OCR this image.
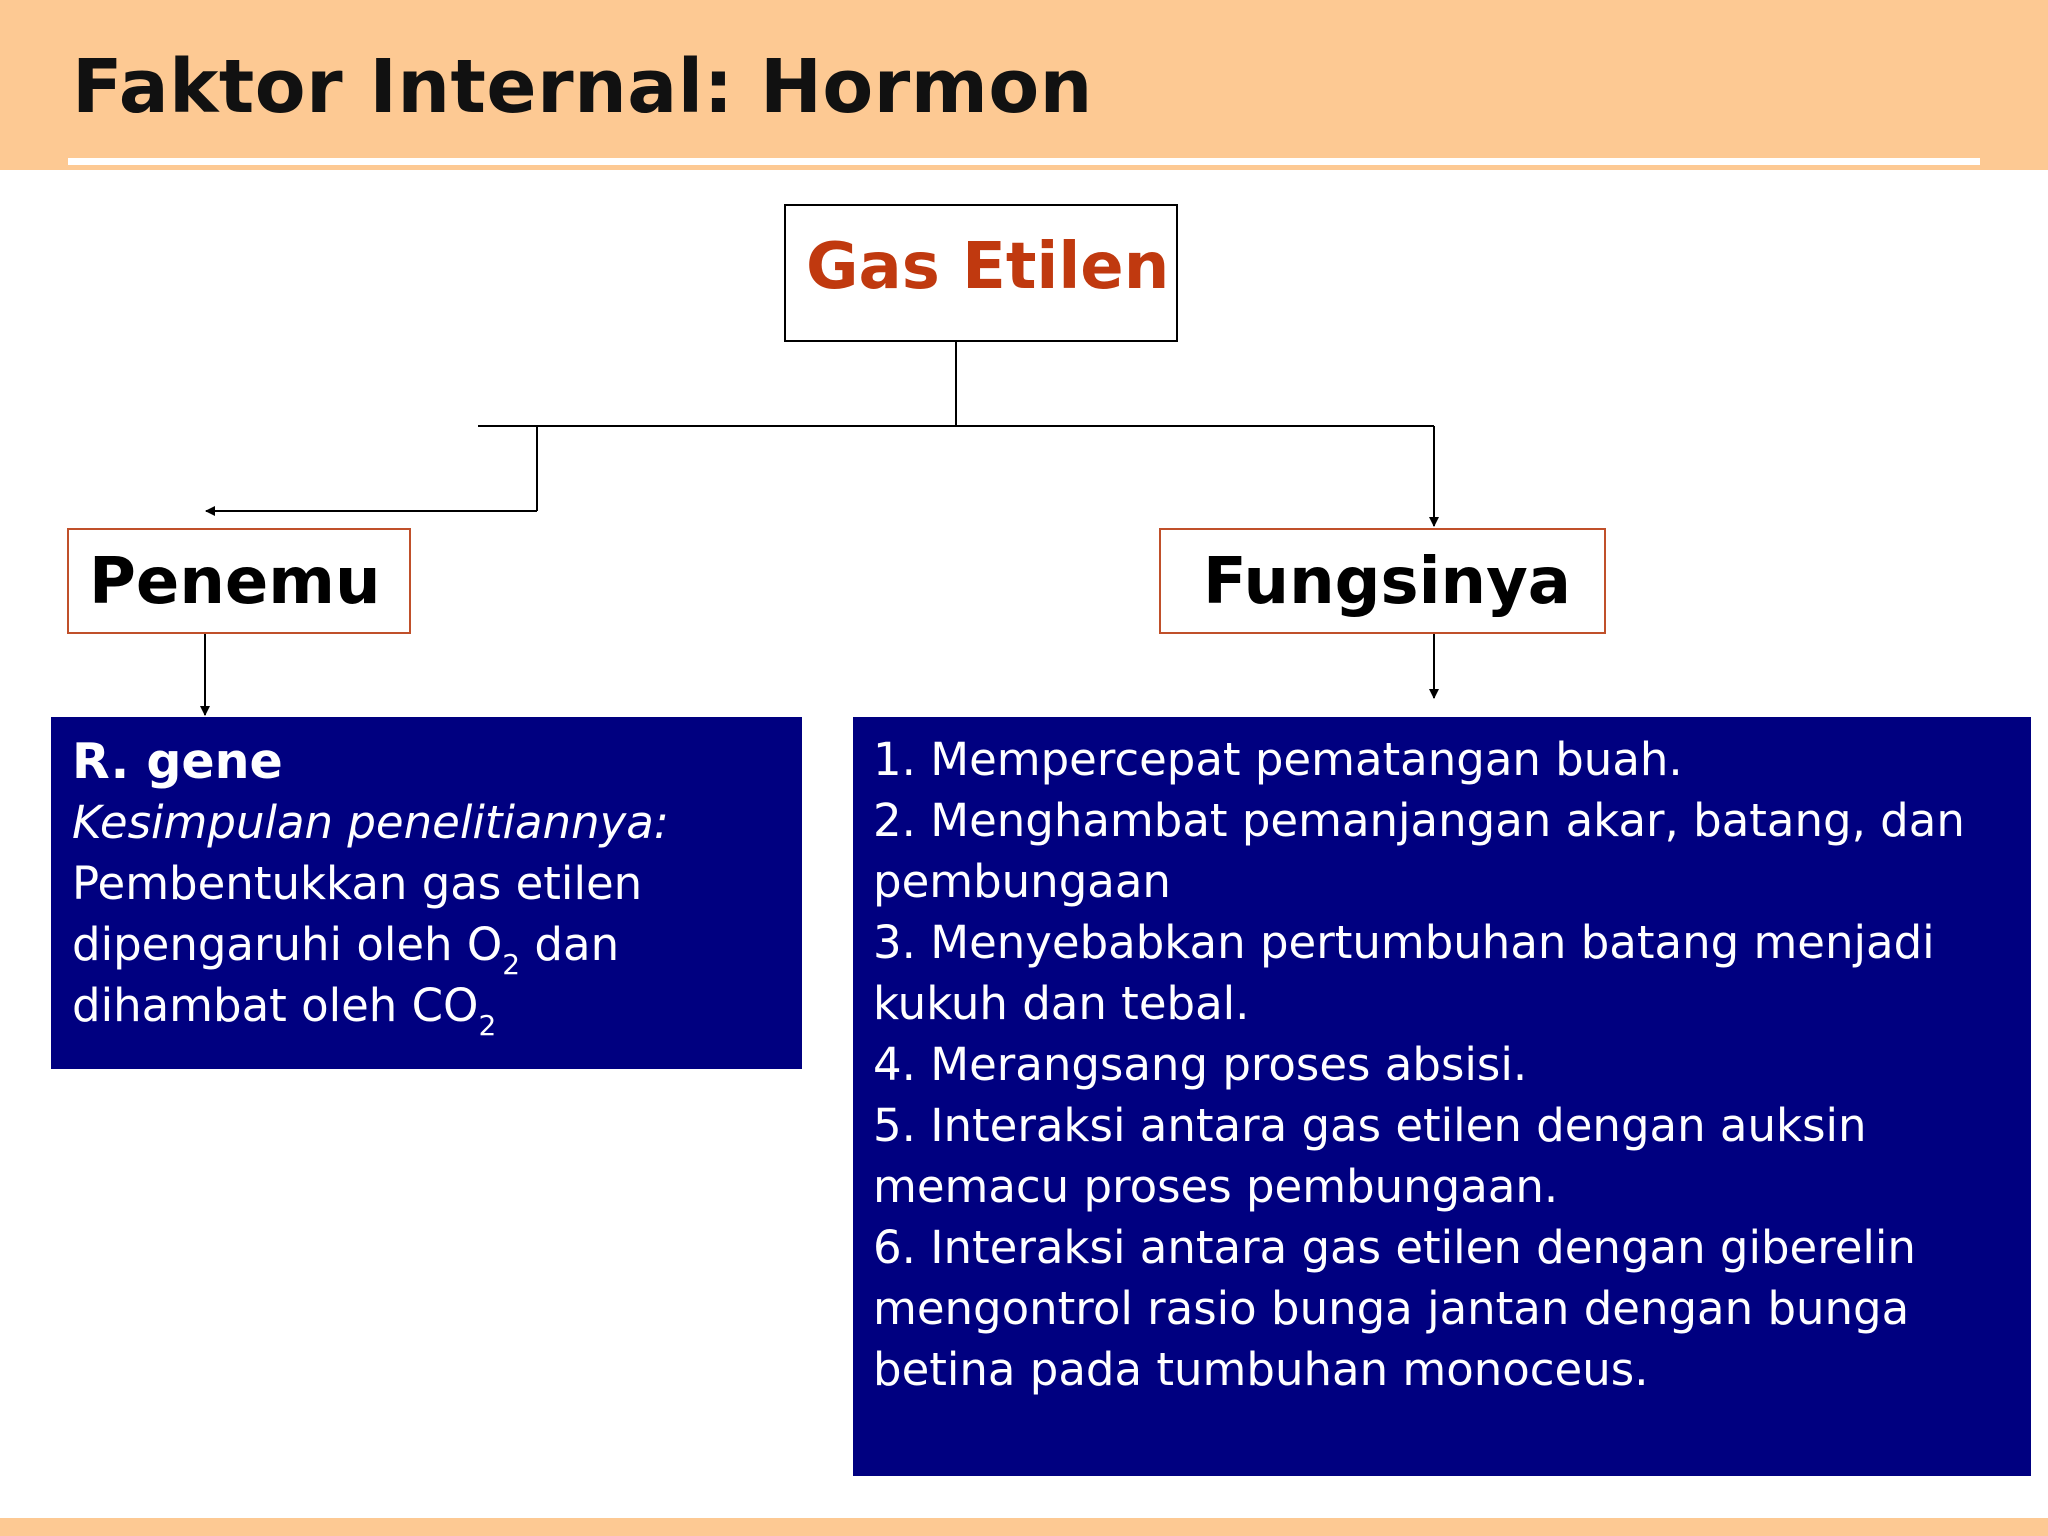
Faktor Internal: Hormon
Gas Etilen
Penemu	Fungsinya
R. gene
Kesimpulan penelitiannya:
Pembentukkan gas etilen
dipengaruhi oleh $O_2$ dan
dihambat oleh $CO_2$
1. Mempercepat pematangan buah.
2. Menghambat pemanjangan akar, batang, dan
pembungaan
3. Menyebabkan pertumbuhan batang menjadi
kukuh dan tebal.
4. Merangsang proses absisi.
5. Interaksi antara gas etilen dengan auksin
memacu proses pembungaan.
6. Interaksi antara gas etilen dengan giberelin
mengontrol rasio bunga jantan dengan bunga
betina pada tumbuhan monoceus.
